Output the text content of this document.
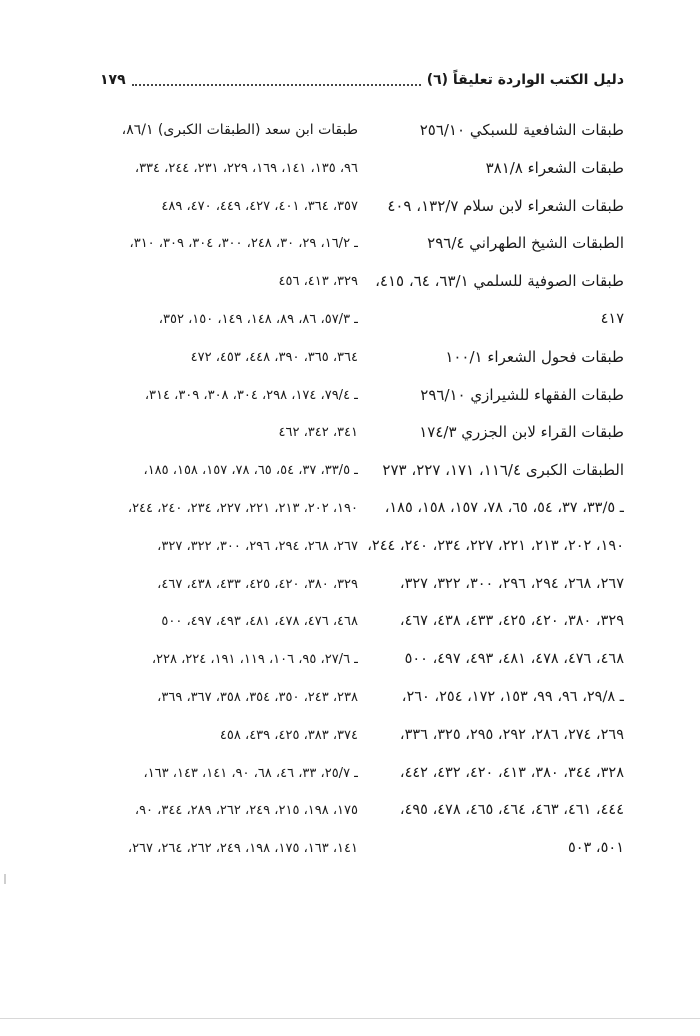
دليل الكتب الواردة تعليقاً (٦)
١٧٩
طبقات الشافعية للسبكي ٢٥٦/١٠
طبقات الشعراء ٣٨١/٨
طبقات الشعراء لابن سلام ١٣٢/٧، ٤٠٩
الطبقات الشيخ الطهراني ٢٩٦/٤
طبقات الصوفية للسلمي ٦٣/١، ٦٤، ٤١٥،
٤١٧
طبقات فحول الشعراء ١٠٠/١
طبقات الفقهاء للشيرازي ٢٩٦/١٠
طبقات القراء لابن الجزري ١٧٤/٣
الطبقات الكبرى ١١٦/٤، ١٧١، ٢٢٧، ٢٧٣
ـ ٣٣/٥، ٣٧، ٥٤، ٦٥، ٧٨، ١٥٧، ١٥٨، ١٨٥،
١٩٠، ٢٠٢، ٢١٣، ٢٢١، ٢٢٧، ٢٣٤، ٢٤٠، ٢٤٤،
٢٦٧، ٢٦٨، ٢٩٤، ٢٩٦، ٣٠٠، ٣٢٢، ٣٢٧،
٣٢٩، ٣٨٠، ٤٢٠، ٤٢٥، ٤٣٣، ٤٣٨، ٤٦٧،
٤٦٨، ٤٧٦، ٤٧٨، ٤٨١، ٤٩٣، ٤٩٧، ٥٠٠
ـ ٢٩/٨، ٩٦، ٩٩، ١٥٣، ١٧٢، ٢٥٤، ٢٦٠،
٢٦٩، ٢٧٤، ٢٨٦، ٢٩٢، ٢٩٥، ٣٢٥، ٣٣٦،
٣٢٨، ٣٤٤، ٣٨٠، ٤١٣، ٤٢٠، ٤٣٢، ٤٤٢،
٤٤٤، ٤٦١، ٤٦٣، ٤٦٤، ٤٦٥، ٤٧٨، ٤٩٥،
٥٠١، ٥٠٣
طبقات ابن سعد (الطبقات الكبرى) ٨٦/١،
٩٦، ١٣٥، ١٤١، ١٦٩، ٢٢٩، ٢٣١، ٢٤٤، ٣٣٤،
٣٥٧، ٣٦٤، ٤٠١، ٤٢٧، ٤٤٩، ٤٧٠، ٤٨٩
ـ ١٦/٢، ٢٩، ٣٠، ٢٤٨، ٣٠٠، ٣٠٤، ٣٠٩، ٣١٠،
٣٢٩، ٤١٣، ٤٥٦
ـ ٥٧/٣، ٨٦، ٨٩، ١٤٨، ١٤٩، ١٥٠، ٣٥٢،
٣٦٤، ٣٦٥، ٣٩٠، ٤٤٨، ٤٥٣، ٤٧٢
ـ ٧٩/٤، ١٧٤، ٢٩٨، ٣٠٤، ٣٠٨، ٣٠٩، ٣١٤،
٣٤١، ٣٤٢، ٤٦٢
ـ ٣٣/٥، ٣٧، ٥٤، ٦٥، ٧٨، ١٥٧، ١٥٨، ١٨٥،
١٩٠، ٢٠٢، ٢١٣، ٢٢١، ٢٢٧، ٢٣٤، ٢٤٠، ٢٤٤،
٢٦٧، ٢٦٨، ٢٩٤، ٢٩٦، ٣٠٠، ٣٢٢، ٣٢٧،
٣٢٩، ٣٨٠، ٤٢٠، ٤٢٥، ٤٣٣، ٤٣٨، ٤٦٧،
٤٦٨، ٤٧٦، ٤٧٨، ٤٨١، ٤٩٣، ٤٩٧، ٥٠٠
ـ ٢٧/٦، ٩٥، ١٠٦، ١١٩، ١٩١، ٢٢٤، ٢٢٨،
٢٣٨، ٢٤٣، ٣٥٠، ٣٥٤، ٣٥٨، ٣٦٧، ٣٦٩،
٣٧٤، ٣٨٣، ٤٢٥، ٤٣٩، ٤٥٨
ـ ٢٥/٧، ٣٣، ٤٦، ٦٨، ٩٠، ١٤١، ١٤٣، ١٦٣،
١٧٥، ١٩٨، ٢١٥، ٢٤٩، ٢٦٢، ٢٨٩، ٣٤٤، ٩٠،
١٤١، ١٦٣، ١٧٥، ١٩٨، ٢٤٩، ٢٦٢، ٢٦٤، ٢٦٧،
